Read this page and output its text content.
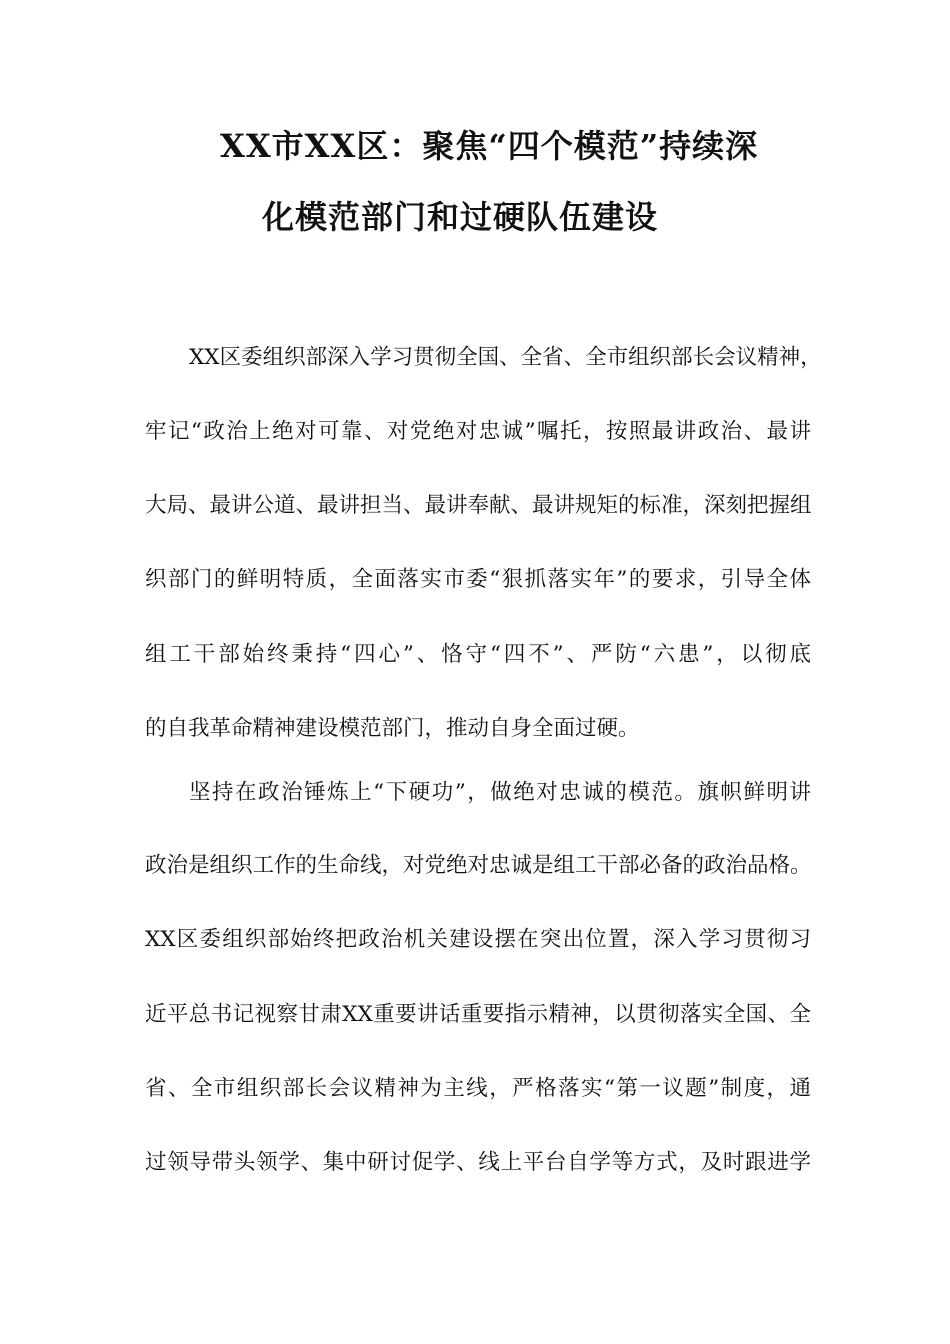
XX市XX区：聚焦“四个模范”持续深
化模范部门和过硬队伍建设
XX区委组织部深入学习贯彻全国、全省、全市组织部长会议精神，
牢记“政治上绝对可靠、对党绝对忠诚”嘱托，按照最讲政治、最讲
大局、最讲公道、最讲担当、最讲奉献、最讲规矩的标准，深刻把握组
织部门的鲜明特质，全面落实市委“狠抓落实年”的要求，引导全体
组工干部始终秉持“四心”、恪守“四不”、严防“六患”，以彻底
的自我革命精神建设模范部门，推动自身全面过硬。
坚持在政治锤炼上“下硬功”，做绝对忠诚的模范。旗帜鲜明讲
政治是组织工作的生命线，对党绝对忠诚是组工干部必备的政治品格。
XX区委组织部始终把政治机关建设摆在突出位置，深入学习贯彻习
近平总书记视察甘肃XX重要讲话重要指示精神，以贯彻落实全国、全
省、全市组织部长会议精神为主线，严格落实“第一议题”制度，通
过领导带头领学、集中研讨促学、线上平台自学等方式，及时跟进学
